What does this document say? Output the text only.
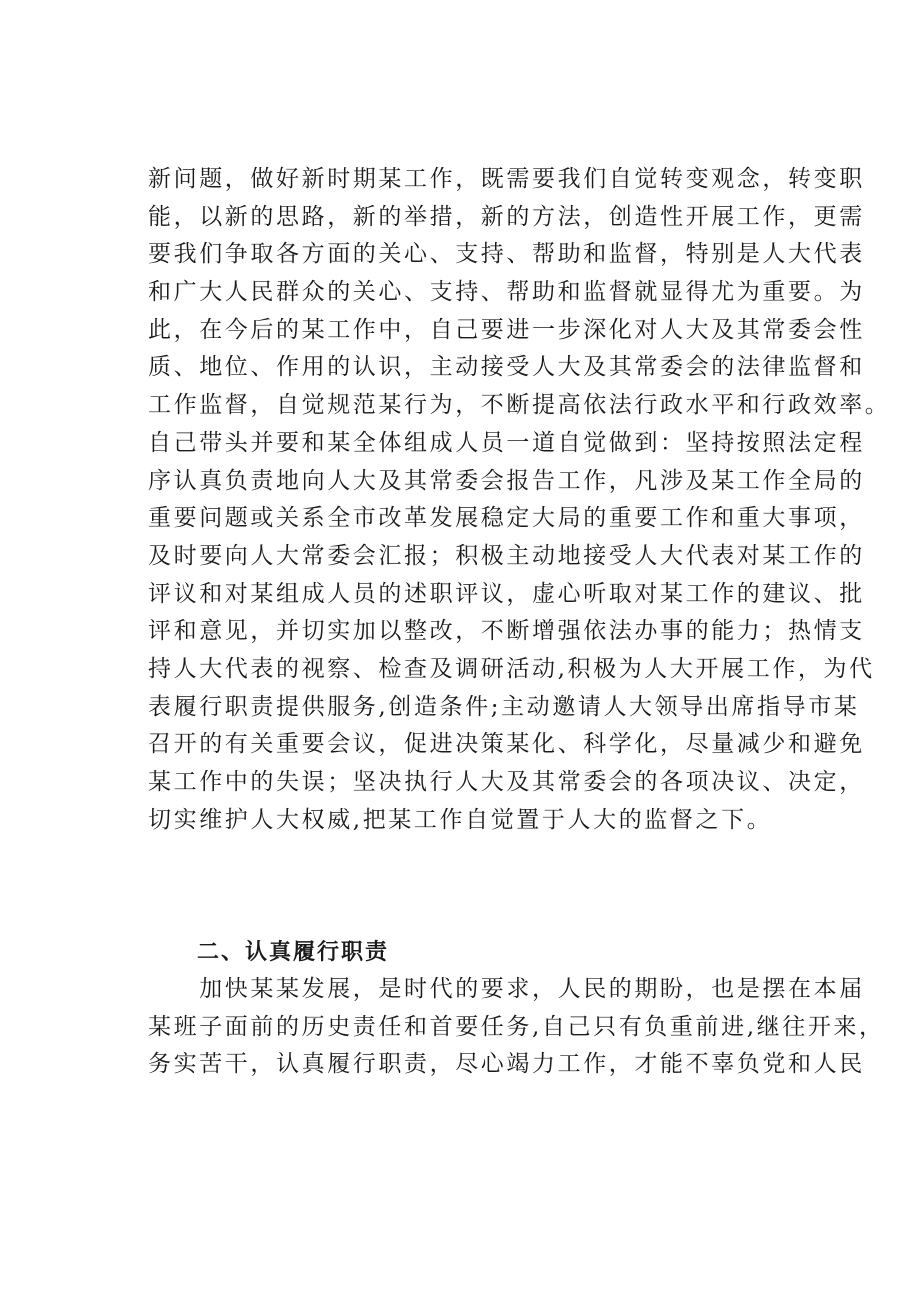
新问题，做好新时期某工作，既需要我们自觉转变观念，转变职
能，以新的思路，新的举措，新的方法，创造性开展工作，更需
要我们争取各方面的关心、支持、帮助和监督，特别是人大代表
和广大人民群众的关心、支持、帮助和监督就显得尤为重要。为
此，在今后的某工作中，自己要进一步深化对人大及其常委会性
质、地位、作用的认识，主动接受人大及其常委会的法律监督和
工作监督，自觉规范某行为，不断提高依法行政水平和行政效率。
自己带头并要和某全体组成人员一道自觉做到：坚持按照法定程
序认真负责地向人大及其常委会报告工作，凡涉及某工作全局的
重要问题或关系全市改革发展稳定大局的重要工作和重大事项，
及时要向人大常委会汇报；积极主动地接受人大代表对某工作的
评议和对某组成人员的述职评议，虚心听取对某工作的建议、批
评和意见，并切实加以整改，不断增强依法办事的能力；热情支
持人大代表的视察、检查及调研活动,积极为人大开展工作，为代
表履行职责提供服务,创造条件;主动邀请人大领导出席指导市某
召开的有关重要会议，促进决策某化、科学化，尽量减少和避免
某工作中的失误；坚决执行人大及其常委会的各项决议、决定，
切实维护人大权威,把某工作自觉置于人大的监督之下。
二、认真履行职责
　　加快某某发展，是时代的要求，人民的期盼，也是摆在本届
某班子面前的历史责任和首要任务,自己只有负重前进,继往开来，
务实苦干，认真履行职责，尽心竭力工作，才能不辜负党和人民
